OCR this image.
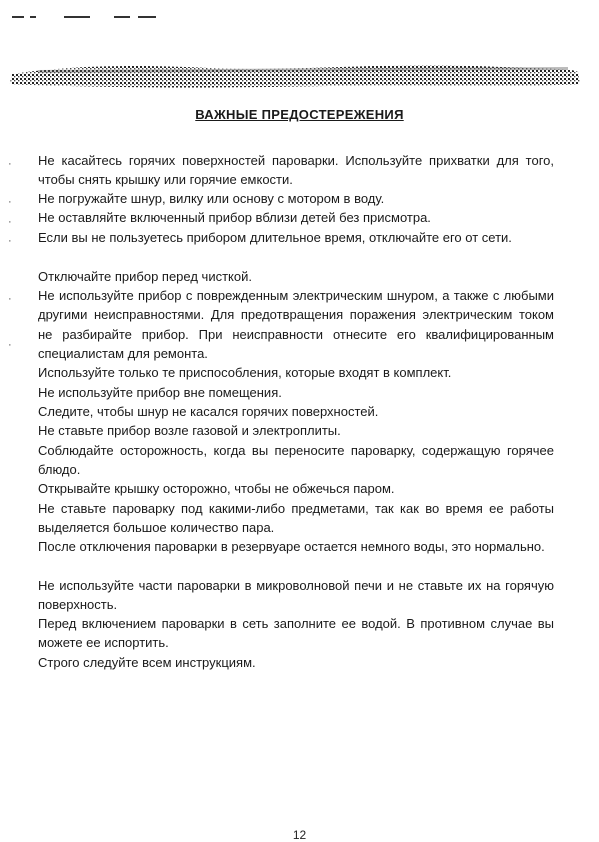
ВАЖНЫЕ ПРЕДОСТЕРЕЖЕНИЯ
·
·
·
·
·
·
Не касайтесь горячих поверхностей пароварки. Используйте прихватки для того, чтобы снять крышку или горячие емкости.
Не погружайте шнур, вилку или основу с мотором в воду.
Не оставляйте включенный прибор вблизи детей без присмотра.
Если вы не пользуетесь прибором длительное время, отключайте его от сети.
Отключайте прибор перед чисткой.
Не используйте прибор с поврежденным электрическим шнуром, а также с любыми другими неисправностями. Для предотвращения поражения электрическим током не разбирайте прибор. При неисправности отнесите его квалифицированным специалистам для ремонта.
Используйте только те приспособления, которые входят в комплект.
Не используйте прибор вне помещения.
Следите, чтобы шнур не касался горячих поверхностей.
Не ставьте прибор возле газовой и электроплиты.
Соблюдайте осторожность, когда вы переносите пароварку, содержащую горячее блюдо.
Открывайте крышку осторожно, чтобы не обжечься паром.
Не ставьте пароварку под какими-либо предметами, так как во время ее работы выделяется большое количество пара.
После отключения пароварки в резервуаре остается немного воды, это нормально.
Не используйте части пароварки в микроволновой печи и не ставьте их на горячую поверхность.
Перед включением пароварки в сеть заполните ее водой. В противном случае вы можете ее испортить.
Строго следуйте всем инструкциям.
12
